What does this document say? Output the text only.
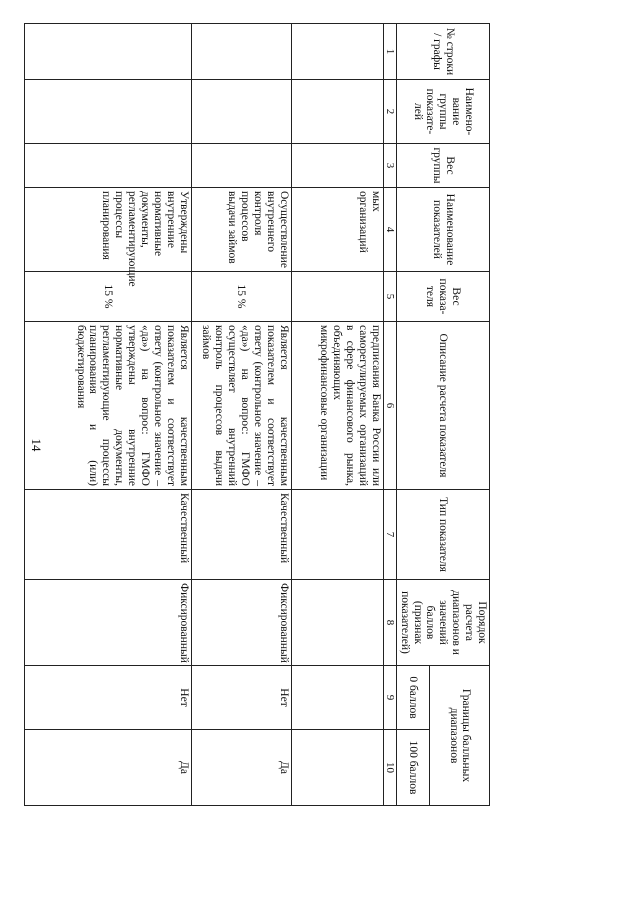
14
№ строки / графы	Наимено- вание группы показате- лей	Вес группы	Наименование показателей	Вес показа- теля	Описание расчета показателя	Тип показателя	Порядок расчета диапазонов и значений баллов (признак показателей)	Границы балльных диапазонов	
								0 баллов	100 баллов
1	2	3	4	5	6	7	8	9	10
			мых организаций		предписания Банка России или саморегулируемых организаций в сфере финансового рынка, объединяющих микрофинансовые организации				
			Осуществление внутреннего контроля процессов выдачи займов	15 %	Является качественным показателем и соответствует ответу (контрольное значение – «да») на вопрос: ГМФО осуществляет внутренний контроль процессов выдачи займов	Качественный	Фиксированный	Нет	Да
			Утверждены внутренние нормативные документы, регламентирующие процессы планирования	15 %	Является качественным показателем и соответствует ответу (контрольное значение – «да») на вопрос: ГМФО утверждены внутренние нормативные документы, регламентирующие процессы планирования и (или) бюджетирования	Качественный	Фиксированный	Нет	Да
